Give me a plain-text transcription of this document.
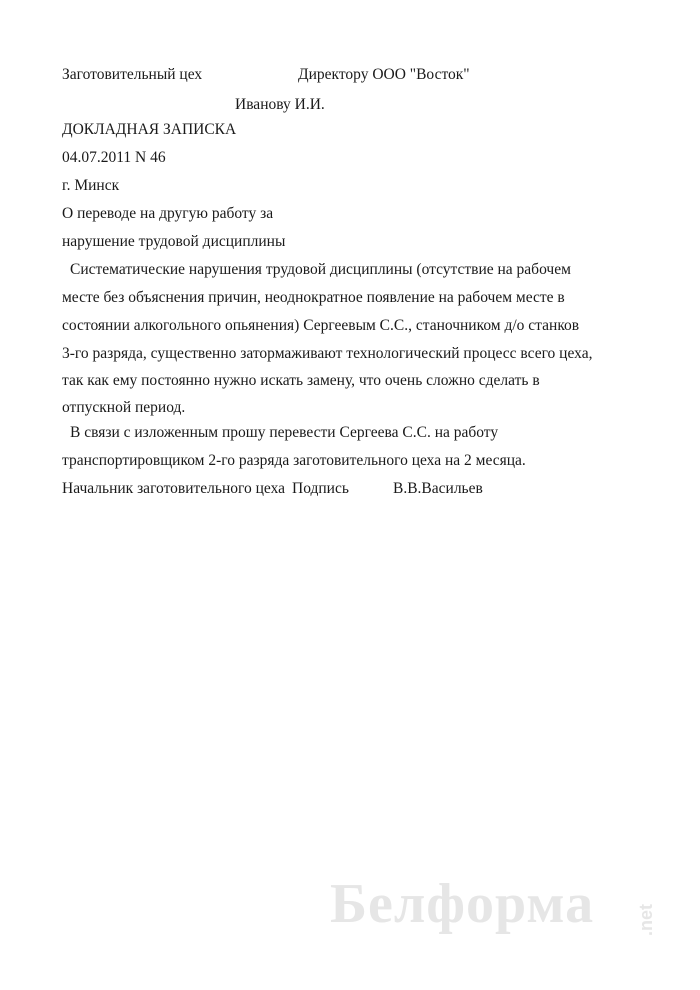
Заготовительный цех	Директору ООО "Восток"
Иванову И.И.
ДОКЛАДНАЯ ЗАПИСКА
04.07.2011 N 46
г. Минск
О переводе на другую работу за
нарушение трудовой дисциплины
Систематические нарушения трудовой дисциплины (отсутствие на рабочем
месте без объяснения причин, неоднократное появление на рабочем месте в
состоянии алкогольного опьянения) Сергеевым С.С., станочником д/о станков
3-го разряда, существенно затормаживают технологический процесс всего цеха,
так как ему постоянно нужно искать замену, что очень сложно сделать в
отпускной период.
В связи с изложенным прошу перевести Сергеева С.С. на работу
транспортировщиком 2-го разряда заготовительного цеха на 2 месяца.
Начальник заготовительного цеха Подпись	В.В.Васильев
Белформа .net
